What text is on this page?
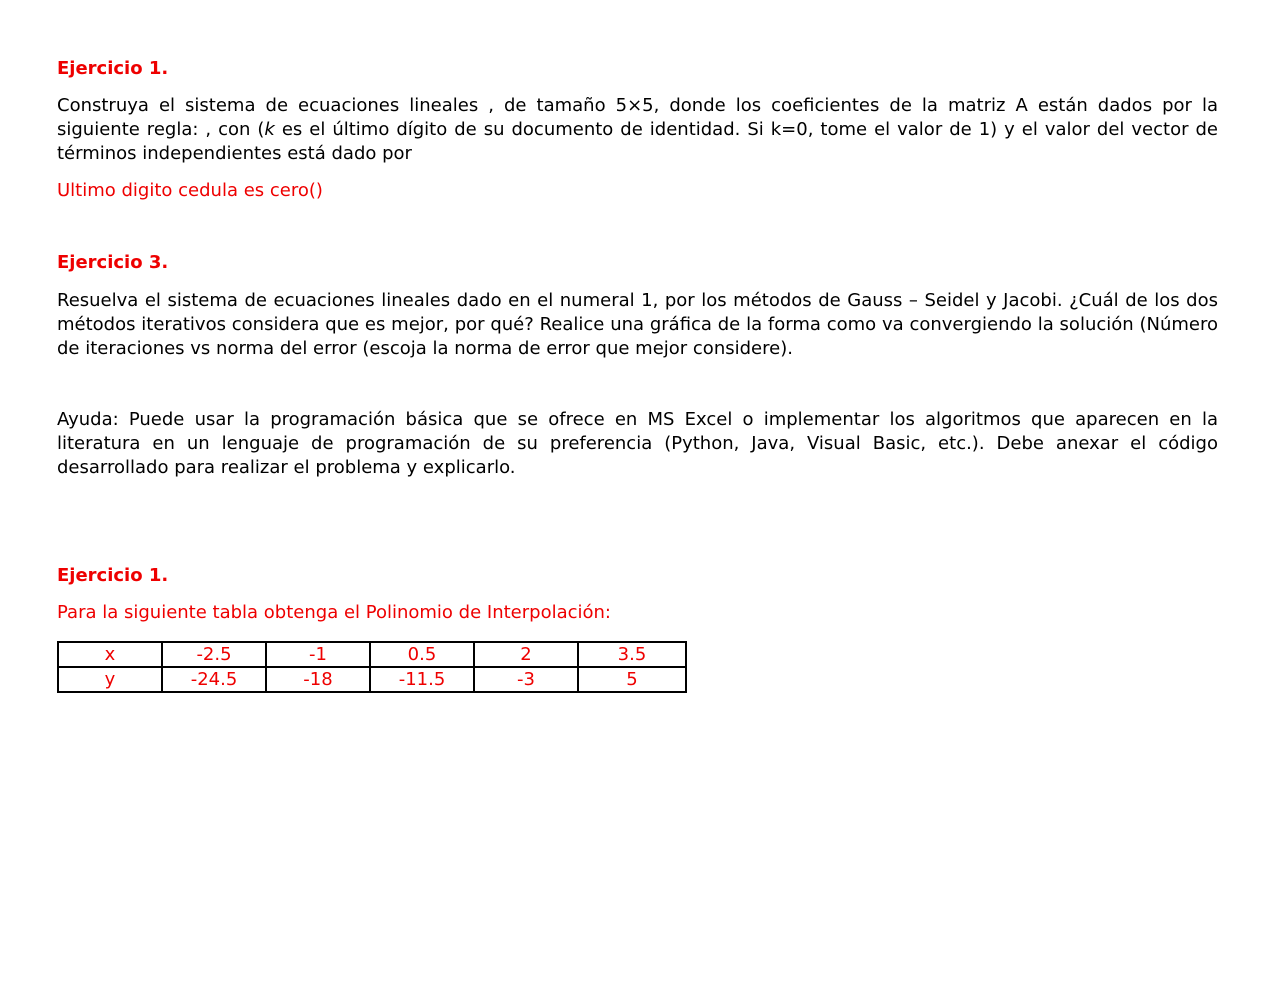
Ejercicio 1.

Construya el sistema de ecuaciones lineales , de tamaño 5×5, donde los coeficientes de la matriz A están dados por la siguiente regla: , con (k es el último dígito de su documento de identidad. Si k=0, tome el valor de 1) y el valor del vector de términos independientes está dado por

Ultimo digito cedula es cero()

Ejercicio 3.

Resuelva el sistema de ecuaciones lineales dado en el numeral 1, por los métodos de Gauss – Seidel y Jacobi. ¿Cuál de los dos métodos iterativos considera que es mejor, por qué? Realice una gráfica de la forma como va convergiendo la solución (Número de iteraciones vs norma del error (escoja la norma de error que mejor considere).

Ayuda: Puede usar la programación básica que se ofrece en MS Excel o implementar los algoritmos que aparecen en la literatura en un lenguaje de programación de su preferencia (Python, Java, Visual Basic, etc.). Debe anexar el código desarrollado para realizar el problema y explicarlo.

Ejercicio 1.

Para la siguiente tabla obtenga el Polinomio de Interpolación:

x	-2.5	-1	0.5	2	3.5
y	-24.5	-18	-11.5	-3	5
